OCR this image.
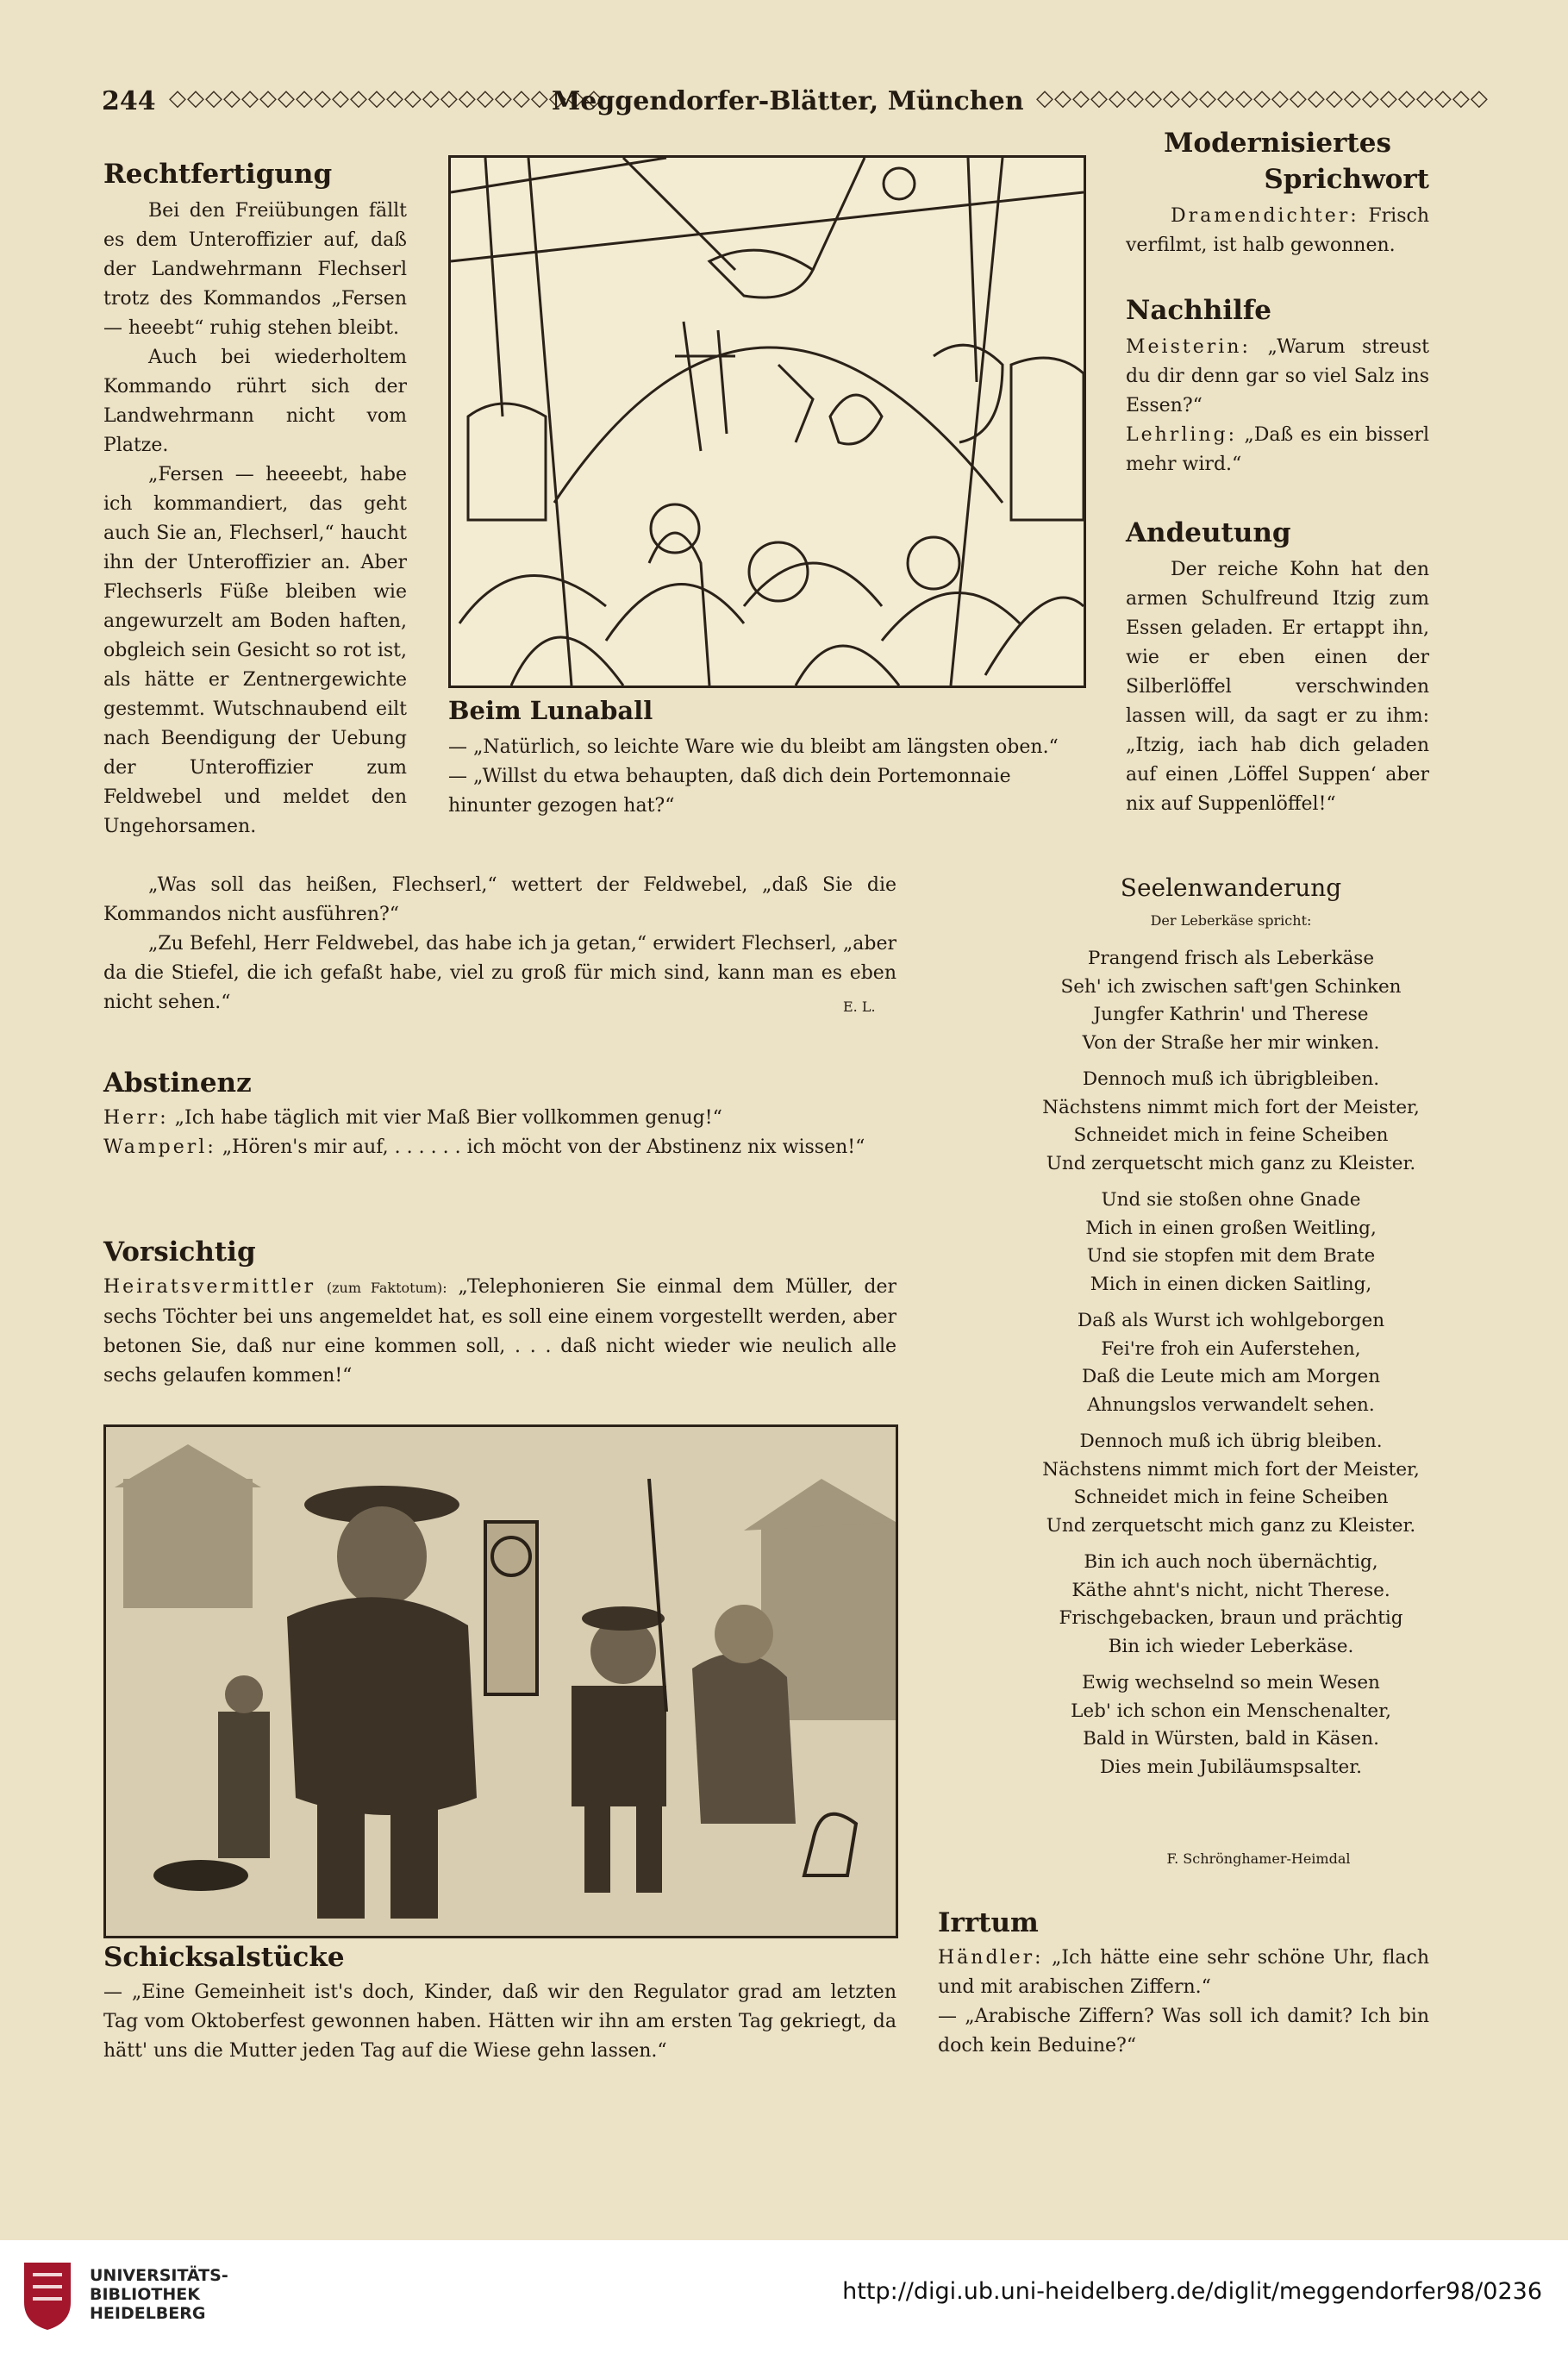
244 ◇◇◇◇◇◇◇◇◇◇◇◇◇◇◇◇◇◇◇◇◇◇◇◇
Meggendorfer-Blätter, München ◇◇◇◇◇◇◇◇◇◇◇◇◇◇◇◇◇◇◇◇◇◇◇◇◇
Rechtfertigung

Bei den Freiübungen fällt es dem Unteroffizier auf, daß der Landwehrmann Flechserl trotz des Kommandos „Fersen — heeebt“ ruhig stehen bleibt.

Auch bei wiederholtem Kommando rührt sich der Landwehrmann nicht vom Platze.

„Fersen — heeeebt, habe ich kommandiert, das geht auch Sie an, Flechserl,“ haucht ihn der Unteroffizier an. Aber Flechserls Füße bleiben wie angewurzelt am Boden haften, obgleich sein Gesicht so rot ist, als hätte er Zentnergewichte gestemmt. Wutschnaubend eilt nach Beendigung der Uebung der Unteroffizier zum Feldwebel und meldet den Ungehorsamen.

„Was soll das heißen, Flechserl,“ wettert der Feldwebel, „daß Sie die Kommandos nicht ausführen?“

„Zu Befehl, Herr Feldwebel, das habe ich ja getan,“ erwidert Flechserl, „aber da die Stiefel, die ich gefaßt habe, viel zu groß für mich sind, kann man es eben nicht sehen.“	E. L.
Beim Lunaball
— „Natürlich, so leichte Ware wie du bleibt am längsten oben.“
— „Willst du etwa behaupten, daß dich dein Portemonnaie hinunter gezogen hat?“
Modernisiertes
Sprichwort

Dramendichter: Frisch verfilmt, ist halb gewonnen.

Nachhilfe
Meisterin: „Warum streust du dir denn gar so viel Salz ins Essen?“
Lehrling: „Daß es ein bisserl mehr wird.“
Andeutung

Der reiche Kohn hat den armen Schulfreund Itzig zum Essen geladen. Er ertappt ihn, wie er eben einen der Silberlöffel verschwinden lassen will, da sagt er zu ihm: „Itzig, iach hab dich geladen auf einen ‚Löffel Suppen‘ aber nix auf Suppenlöffel!“

Abstinenz
Herr: „Ich habe täglich mit vier Maß Bier vollkommen genug!“
Wamperl: „Hören's mir auf, . . . . . . ich möcht von der Abstinenz nix wissen!“
Vorsichtig
Heiratsvermittler (zum Faktotum): „Telephonieren Sie einmal dem Müller, der sechs Töchter bei uns angemeldet hat, es soll eine einem vorgestellt werden, aber betonen Sie, daß nur eine kommen soll, . . . daß nicht wieder wie neulich alle sechs gelaufen kommen!“
Schicksalstücke

— „Eine Gemeinheit ist's doch, Kinder, daß wir den Regulator grad am letzten Tag vom Oktoberfest gewonnen haben. Hätten wir ihn am ersten Tag gekriegt, da hätt' uns die Mutter jeden Tag auf die Wiese gehn lassen.“

Seelenwanderung
Der Leberkäse spricht:

Prangend frisch als Leberkäse

Seh' ich zwischen saft'gen Schinken

Jungfer Kathrin' und Therese

Von der Straße her mir winken.

Dennoch muß ich übrigbleiben.

Nächstens nimmt mich fort der Meister,

Schneidet mich in feine Scheiben

Und zerquetscht mich ganz zu Kleister.

Und sie stoßen ohne Gnade

Mich in einen großen Weitling,

Und sie stopfen mit dem Brate

Mich in einen dicken Saitling,

Daß als Wurst ich wohlgeborgen

Fei're froh ein Auferstehen,

Daß die Leute mich am Morgen

Ahnungslos verwandelt sehen.

Dennoch muß ich übrig bleiben.

Nächstens nimmt mich fort der Meister,

Schneidet mich in feine Scheiben

Und zerquetscht mich ganz zu Kleister.

Bin ich auch noch übernächtig,

Käthe ahnt's nicht, nicht Therese.

Frischgebacken, braun und prächtig

Bin ich wieder Leberkäse.

Ewig wechselnd so mein Wesen

Leb' ich schon ein Menschenalter,

Bald in Würsten, bald in Käsen.

Dies mein Jubiläumspsalter.

F. Schrönghamer-Heimdal
Irrtum
Händler: „Ich hätte eine sehr schöne Uhr, flach und mit arabischen Ziffern.“
— „Arabische Ziffern? Was soll ich damit? Ich bin doch kein Beduine?“
UNIVERSITÄTS-
BIBLIOTHEK
HEIDELBERG
http://digi.ub.uni-heidelberg.de/diglit/meggendorfer98/0236
